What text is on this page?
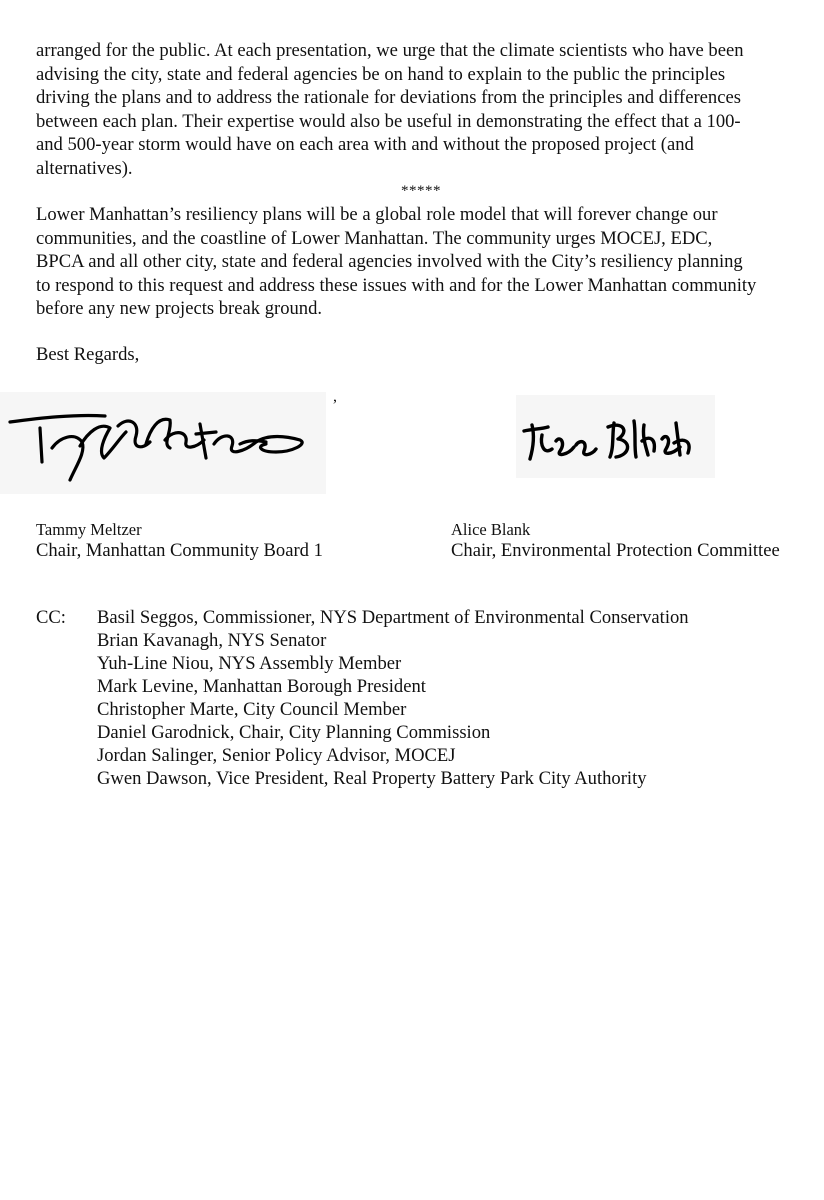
arranged for the public. At each presentation, we urge that the climate scientists who have been
advising the city, state and federal agencies be on hand to explain to the public the principles
driving the plans and to address the rationale for deviations from the principles and differences
between each plan. Their expertise would also be useful in demonstrating the effect that a 100-
and 500-year storm would have on each area with and without the proposed project (and
alternatives).

*****

Lower Manhattan’s resiliency plans will be a global role model that will forever change our
communities, and the coastline of Lower Manhattan. The community urges MOCEJ, EDC,
BPCA and all other city, state and federal agencies involved with the City’s resiliency planning
to respond to this request and address these issues with and for the Lower Manhattan community
before any new projects break ground.

Best Regards,
,
Tammy Meltzer
Chair, Manhattan Community Board 1
Alice Blank
Chair, Environmental Protection Committee
CC: Basil Seggos, Commissioner, NYS Department of Environmental Conservation
Brian Kavanagh, NYS Senator
Yuh-Line Niou, NYS Assembly Member
Mark Levine, Manhattan Borough President
Christopher Marte, City Council Member
Daniel Garodnick, Chair, City Planning Commission
Jordan Salinger, Senior Policy Advisor, MOCEJ
Gwen Dawson, Vice President, Real Property Battery Park City Authority
